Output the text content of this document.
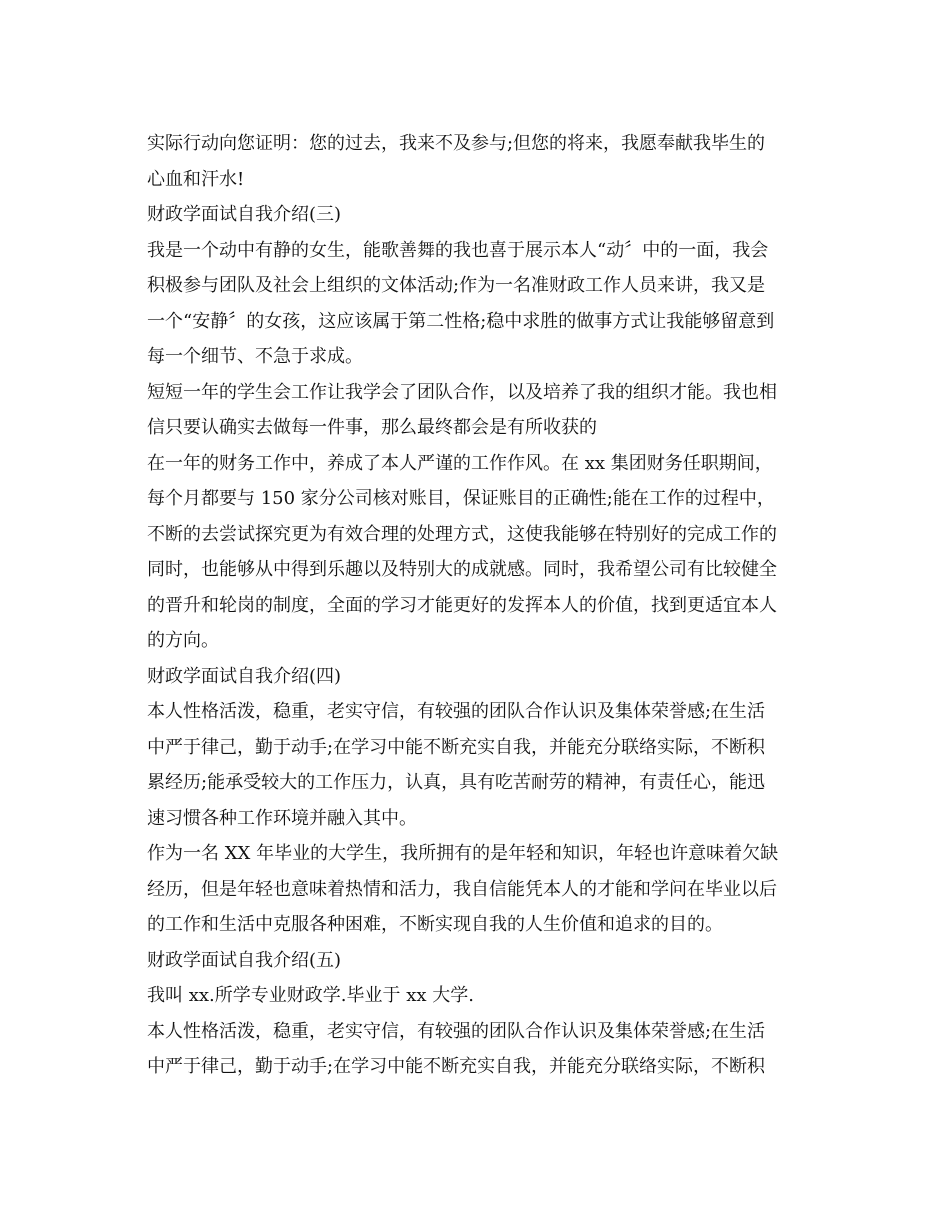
实际行动向您证明：您的过去，我来不及参与;但您的将来，我愿奉献我毕生的
心血和汗水!
财政学面试自我介绍(三)
我是一个动中有静的女生，能歌善舞的我也喜于展示本人“动〞中的一面，我会
积极参与团队及社会上组织的文体活动;作为一名准财政工作人员来讲，我又是
一个“安静〞的女孩，这应该属于第二性格;稳中求胜的做事方式让我能够留意到
每一个细节、不急于求成。
短短一年的学生会工作让我学会了团队合作，以及培养了我的组织才能。我也相
信只要认确实去做每一件事，那么最终都会是有所收获的
在一年的财务工作中，养成了本人严谨的工作作风。在 xx 集团财务任职期间，
每个月都要与 150 家分公司核对账目，保证账目的正确性;能在工作的过程中，
不断的去尝试探究更为有效合理的处理方式，这使我能够在特别好的完成工作的
同时，也能够从中得到乐趣以及特别大的成就感。同时，我希望公司有比较健全
的晋升和轮岗的制度，全面的学习才能更好的发挥本人的价值，找到更适宜本人
的方向。
财政学面试自我介绍(四)
本人性格活泼，稳重，老实守信，有较强的团队合作认识及集体荣誉感;在生活
中严于律己，勤于动手;在学习中能不断充实自我，并能充分联络实际，不断积
累经历;能承受较大的工作压力，认真，具有吃苦耐劳的精神，有责任心，能迅
速习惯各种工作环境并融入其中。
作为一名 XX 年毕业的大学生，我所拥有的是年轻和知识，年轻也许意味着欠缺
经历，但是年轻也意味着热情和活力，我自信能凭本人的才能和学问在毕业以后
的工作和生活中克服各种困难，不断实现自我的人生价值和追求的目的。
财政学面试自我介绍(五)
我叫 xx.所学专业财政学.毕业于 xx 大学.
本人性格活泼，稳重，老实守信，有较强的团队合作认识及集体荣誉感;在生活
中严于律己，勤于动手;在学习中能不断充实自我，并能充分联络实际，不断积
